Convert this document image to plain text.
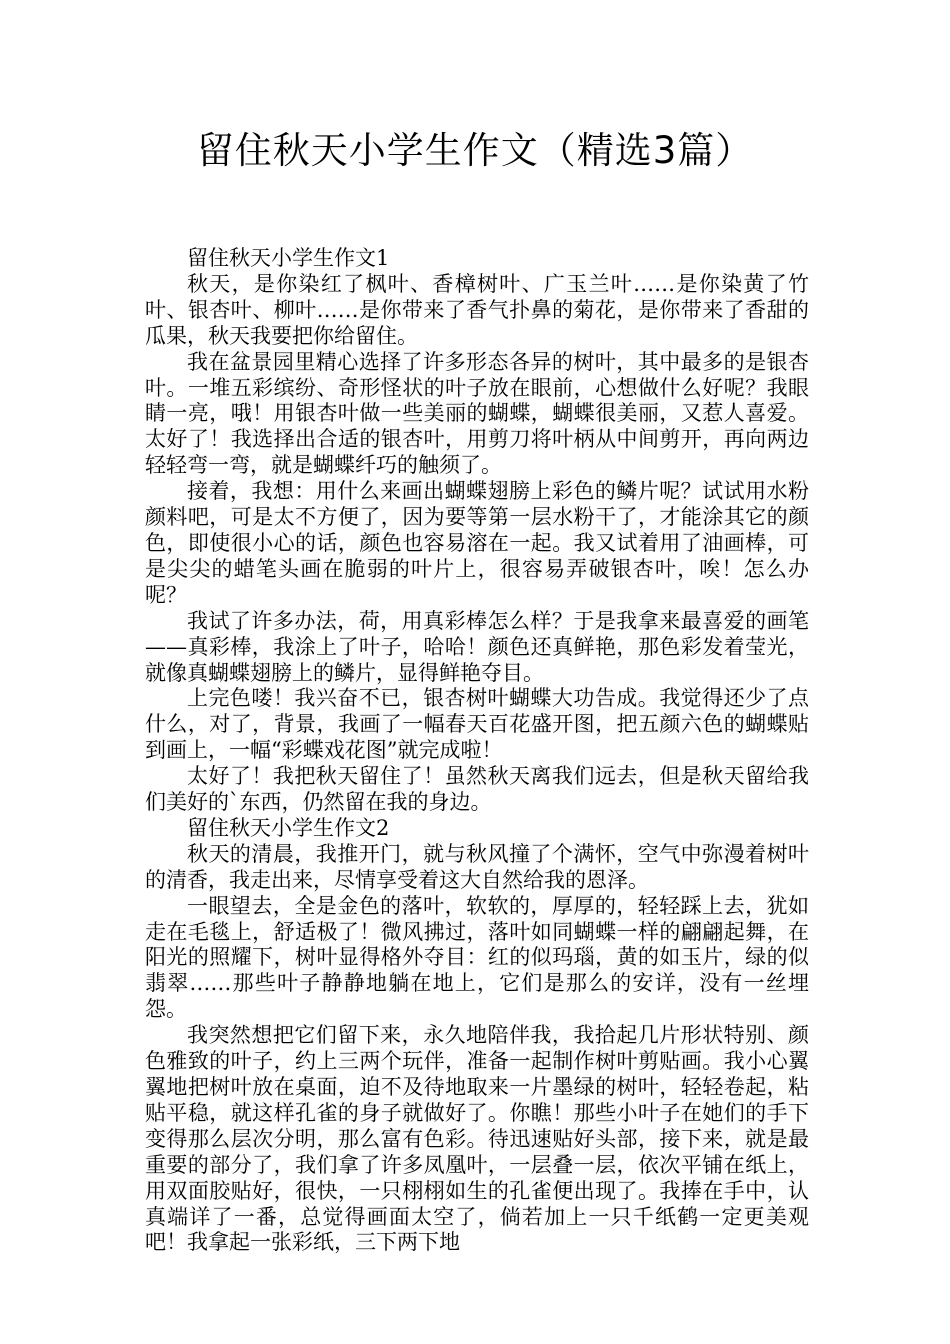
留住秋天小学生作文（精选3篇）

留住秋天小学生作文1

秋天，是你染红了枫叶、香樟树叶、广玉兰叶……是你染黄了竹叶、银杏叶、柳叶……是你带来了香气扑鼻的菊花，是你带来了香甜的瓜果，秋天我要把你给留住。

我在盆景园里精心选择了许多形态各异的树叶，其中最多的是银杏叶。一堆五彩缤纷、奇形怪状的叶子放在眼前，心想做什么好呢？我眼睛一亮，哦！用银杏叶做一些美丽的蝴蝶，蝴蝶很美丽，又惹人喜爱。太好了！我选择出合适的银杏叶，用剪刀将叶柄从中间剪开，再向两边轻轻弯一弯，就是蝴蝶纤巧的触须了。

接着，我想：用什么来画出蝴蝶翅膀上彩色的鳞片呢？试试用水粉颜料吧，可是太不方便了，因为要等第一层水粉干了，才能涂其它的颜色，即使很小心的话，颜色也容易溶在一起。我又试着用了油画棒，可是尖尖的蜡笔头画在脆弱的叶片上，很容易弄破银杏叶，唉！怎么办呢？

我试了许多办法，荷，用真彩棒怎么样？于是我拿来最喜爱的画笔——真彩棒，我涂上了叶子，哈哈！颜色还真鲜艳，那色彩发着莹光，就像真蝴蝶翅膀上的鳞片，显得鲜艳夺目。

上完色喽！我兴奋不已，银杏树叶蝴蝶大功告成。我觉得还少了点什么，对了，背景，我画了一幅春天百花盛开图，把五颜六色的蝴蝶贴到画上，一幅“彩蝶戏花图”就完成啦！

太好了！我把秋天留住了！虽然秋天离我们远去，但是秋天留给我们美好的`东西，仍然留在我的身边。

留住秋天小学生作文2

秋天的清晨，我推开门，就与秋风撞了个满怀，空气中弥漫着树叶的清香，我走出来，尽情享受着这大自然给我的恩泽。

一眼望去，全是金色的落叶，软软的，厚厚的，轻轻踩上去，犹如走在毛毯上，舒适极了！微风拂过，落叶如同蝴蝶一样的翩翩起舞，在阳光的照耀下，树叶显得格外夺目：红的似玛瑙，黄的如玉片，绿的似翡翠……那些叶子静静地躺在地上，它们是那么的安详，没有一丝埋怨。

我突然想把它们留下来，永久地陪伴我，我拾起几片形状特别、颜色雅致的叶子，约上三两个玩伴，准备一起制作树叶剪贴画。我小心翼翼地把树叶放在桌面，迫不及待地取来一片墨绿的树叶，轻轻卷起，粘贴平稳，就这样孔雀的身子就做好了。你瞧！那些小叶子在她们的手下变得那么层次分明，那么富有色彩。待迅速贴好头部，接下来，就是最重要的部分了，我们拿了许多凤凰叶，一层叠一层，依次平铺在纸上，用双面胶贴好，很快，一只栩栩如生的孔雀便出现了。我捧在手中，认真端详了一番，总觉得画面太空了，倘若加上一只千纸鹤一定更美观吧！我拿起一张彩纸，三下两下地
